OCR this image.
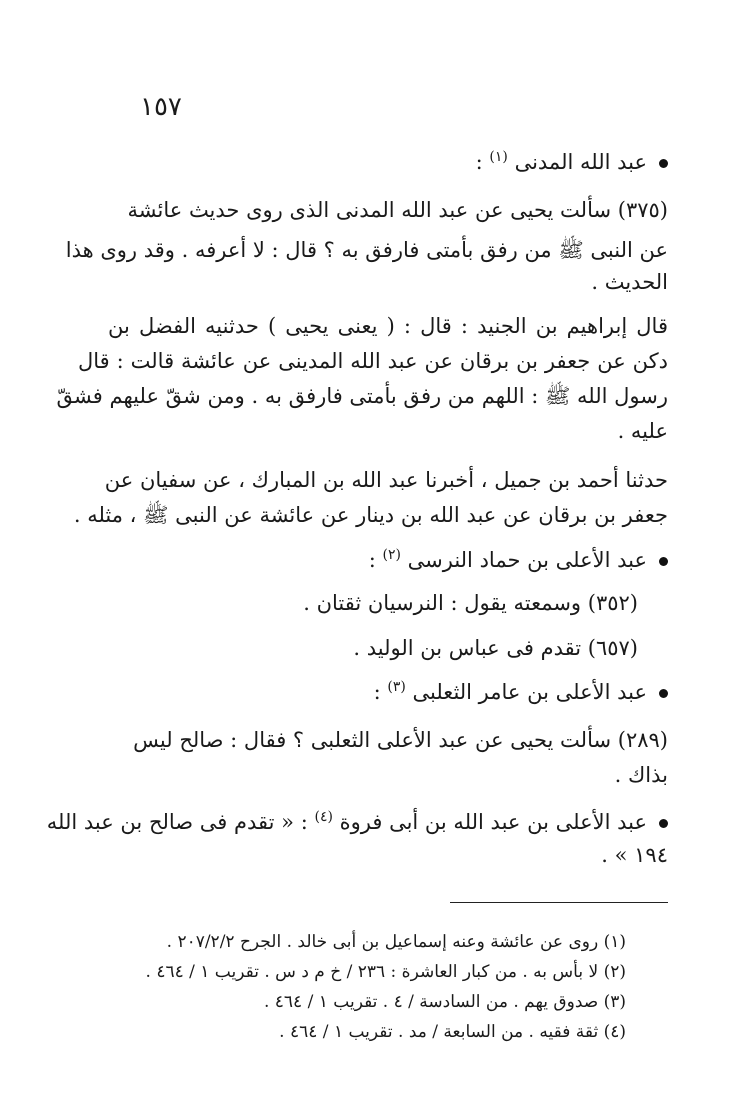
١٥٧
عبد الله المدنى $^{(١)}$ :
(٣٧٥) سألت يحيى عن عبد الله المدنى الذى روى حديث عائشة
عن النبى ﷺ من رفق بأمتى فارفق به ؟ قال : لا أعرفه . وقد روى هذا
الحديث .
قال إبراهيم بن الجنيد : قال : ( يعنى يحيى ) حدثنيه الفضل بن
دكن عن جعفر بن برقان عن عبد الله المدينى عن عائشة قالت : قال
رسول الله ﷺ : اللهم من رفق بأمتى فارفق به . ومن شقّ عليهم فشقّ
عليه .
حدثنا أحمد بن جميل ، أخبرنا عبد الله بن المبارك ، عن سفيان عن
جعفر بن برقان عن عبد الله بن دينار عن عائشة عن النبى ﷺ ، مثله .
عبد الأعلى بن حماد النرسى $^{(٢)}$ :
(٣٥٢) وسمعته يقول : النرسيان ثقتان .
(٦٥٧) تقدم فى عباس بن الوليد .
عبد الأعلى بن عامر الثعلبى $^{(٣)}$ :
(٢٨٩) سألت يحيى عن عبد الأعلى الثعلبى ؟ فقال : صالح ليس
بذاك .
عبد الأعلى بن عبد الله بن أبى فروة $^{(٤)}$ : « تقدم فى صالح بن عبد الله
١٩٤ » .
(١) روى عن عائشة وعنه إسماعيل بن أبى خالد . الجرح ٢٠٧/٢/٢ .
(٢) لا بأس به . من كبار العاشرة : ٢٣٦ / خ م د س . تقريب ١ / ٤٦٤ .
(٣) صدوق يهم . من السادسة / ٤ . تقريب ١ / ٤٦٤ .
(٤) ثقة فقيه . من السابعة / مد . تقريب ١ / ٤٦٤ .
